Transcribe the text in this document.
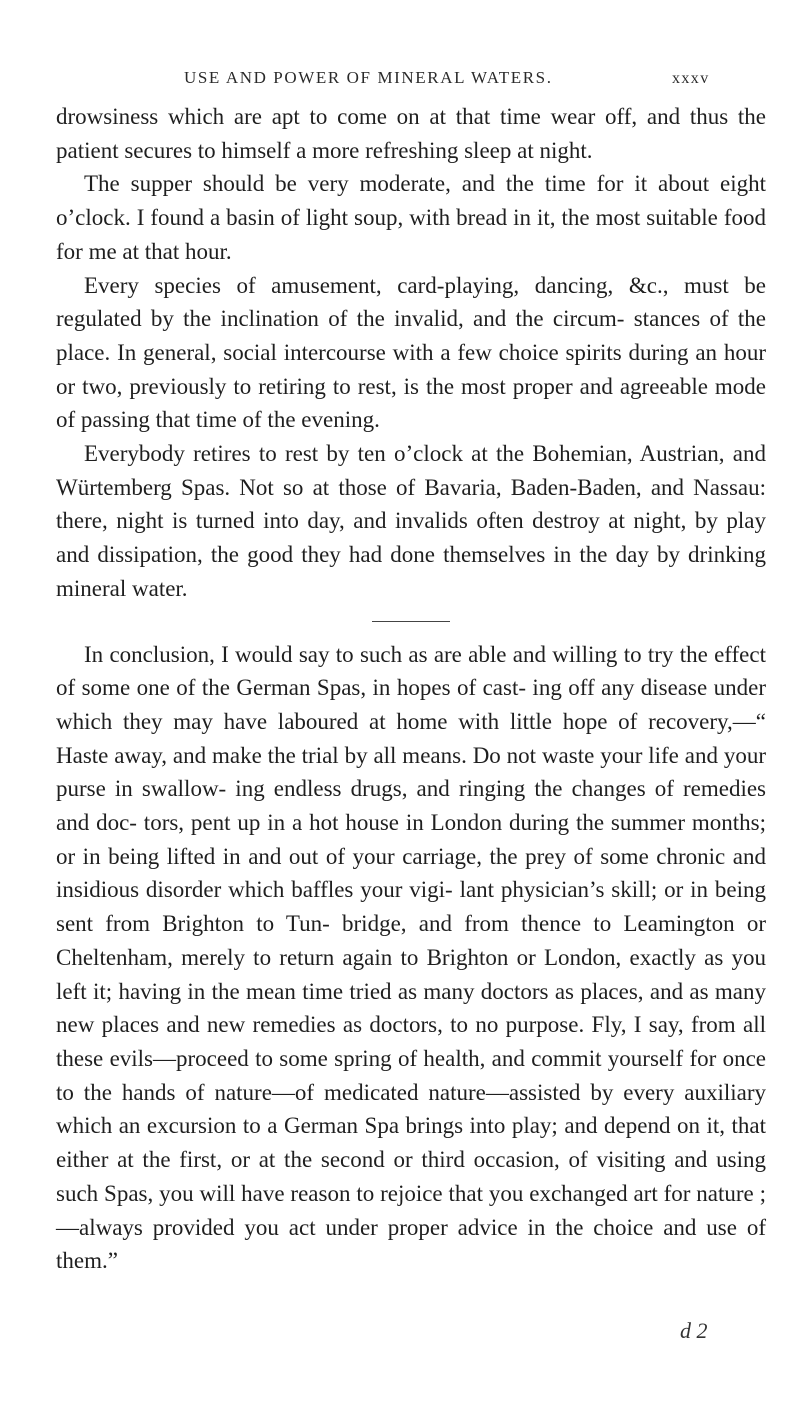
USE AND POWER OF MINERAL WATERS.	xxxv

drowsiness which are apt to come on at that time wear off, and thus the patient secures to himself a more refreshing sleep at night.

The supper should be very moderate, and the time for it about eight o’clock. I found a basin of light soup, with bread in it, the most suitable food for me at that hour.

Every species of amusement, card-playing, dancing, &c., must be regulated by the inclination of the invalid, and the circum- stances of the place. In general, social intercourse with a few choice spirits during an hour or two, previously to retiring to rest, is the most proper and agreeable mode of passing that time of the evening.

Everybody retires to rest by ten o’clock at the Bohemian, Austrian, and Würtemberg Spas. Not so at those of Bavaria, Baden-Baden, and Nassau: there, night is turned into day, and invalids often destroy at night, by play and dissipation, the good they had done themselves in the day by drinking mineral water.

In conclusion, I would say to such as are able and willing to try the effect of some one of the German Spas, in hopes of cast- ing off any disease under which they may have laboured at home with little hope of recovery,—“ Haste away, and make the trial by all means. Do not waste your life and your purse in swallow- ing endless drugs, and ringing the changes of remedies and doc- tors, pent up in a hot house in London during the summer months; or in being lifted in and out of your carriage, the prey of some chronic and insidious disorder which baffles your vigi- lant physician’s skill; or in being sent from Brighton to Tun- bridge, and from thence to Leamington or Cheltenham, merely to return again to Brighton or London, exactly as you left it; having in the mean time tried as many doctors as places, and as many new places and new remedies as doctors, to no purpose. Fly, I say, from all these evils—proceed to some spring of health, and commit yourself for once to the hands of nature—of medicated nature—assisted by every auxiliary which an excursion to a German Spa brings into play; and depend on it, that either at the first, or at the second or third occasion, of visiting and using such Spas, you will have reason to rejoice that you exchanged art for nature ;—always provided you act under proper advice in the choice and use of them.”

d 2
